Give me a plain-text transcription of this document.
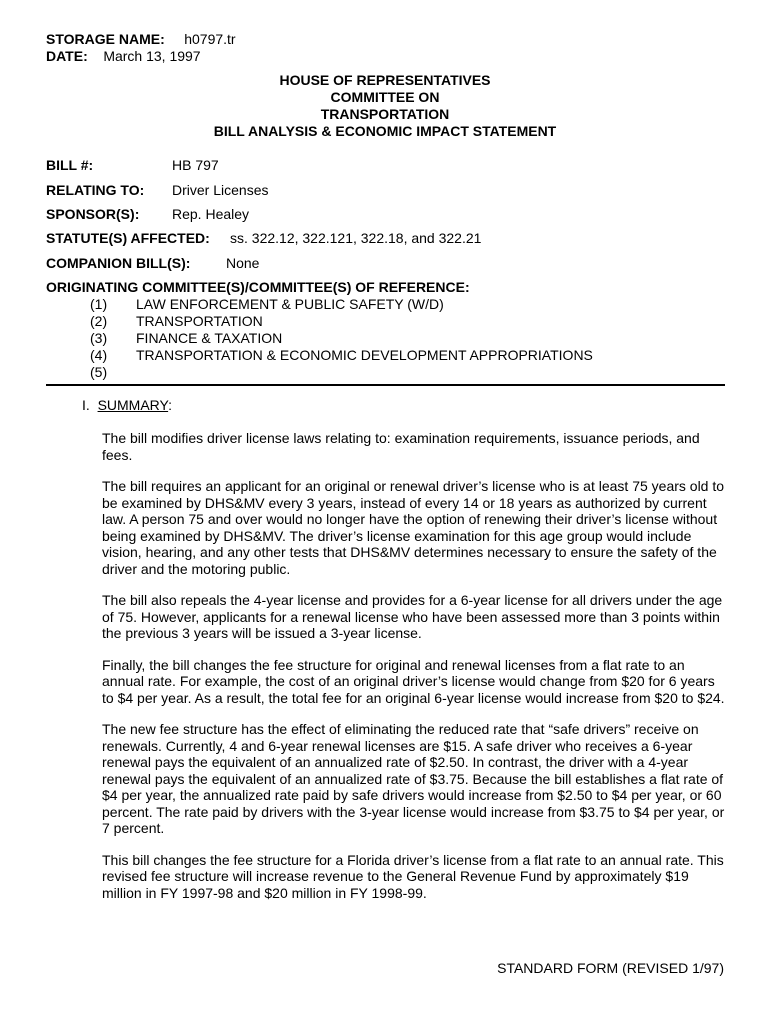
STORAGE NAME: h0797.tr
DATE: March 13, 1997
HOUSE OF REPRESENTATIVES
COMMITTEE ON
TRANSPORTATION
BILL ANALYSIS & ECONOMIC IMPACT STATEMENT
BILL #:	HB 797
RELATING TO: Driver Licenses
SPONSOR(S): Rep. Healey
STATUTE(S) AFFECTED: ss. 322.12, 322.121, 322.18, and 322.21
COMPANION BILL(S):	None
ORIGINATING COMMITTEE(S)/COMMITTEE(S) OF REFERENCE:
(1)	LAW ENFORCEMENT & PUBLIC SAFETY (W/D)
(2)	TRANSPORTATION
(3)	FINANCE & TAXATION
(4)	TRANSPORTATION & ECONOMIC DEVELOPMENT APPROPRIATIONS
(5)
I. SUMMARY:

The bill modifies driver license laws relating to: examination requirements, issuance periods, and fees.

The bill requires an applicant for an original or renewal driver’s license who is at least 75 years old to be examined by DHS&MV every 3 years, instead of every 14 or 18 years as authorized by current law. A person 75 and over would no longer have the option of renewing their driver’s license without being examined by DHS&MV. The driver’s license examination for this age group would include vision, hearing, and any other tests that DHS&MV determines necessary to ensure the safety of the driver and the motoring public.

The bill also repeals the 4-year license and provides for a 6-year license for all drivers under the age of 75. However, applicants for a renewal license who have been assessed more than 3 points within the previous 3 years will be issued a 3-year license.

Finally, the bill changes the fee structure for original and renewal licenses from a flat rate to an annual rate. For example, the cost of an original driver’s license would change from $20 for 6 years to $4 per year. As a result, the total fee for an original 6-year license would increase from $20 to $24.

The new fee structure has the effect of eliminating the reduced rate that “safe drivers” receive on renewals. Currently, 4 and 6-year renewal licenses are $15. A safe driver who receives a 6-year renewal pays the equivalent of an annualized rate of $2.50. In contrast, the driver with a 4-year renewal pays the equivalent of an annualized rate of $3.75. Because the bill establishes a flat rate of $4 per year, the annualized rate paid by safe drivers would increase from $2.50 to $4 per year, or 60 percent. The rate paid by drivers with the 3-year license would increase from $3.75 to $4 per year, or 7 percent.

This bill changes the fee structure for a Florida driver’s license from a flat rate to an annual rate. This revised fee structure will increase revenue to the General Revenue Fund by approximately $19 million in FY 1997-98 and $20 million in FY 1998-99.

STANDARD FORM (REVISED 1/97)
